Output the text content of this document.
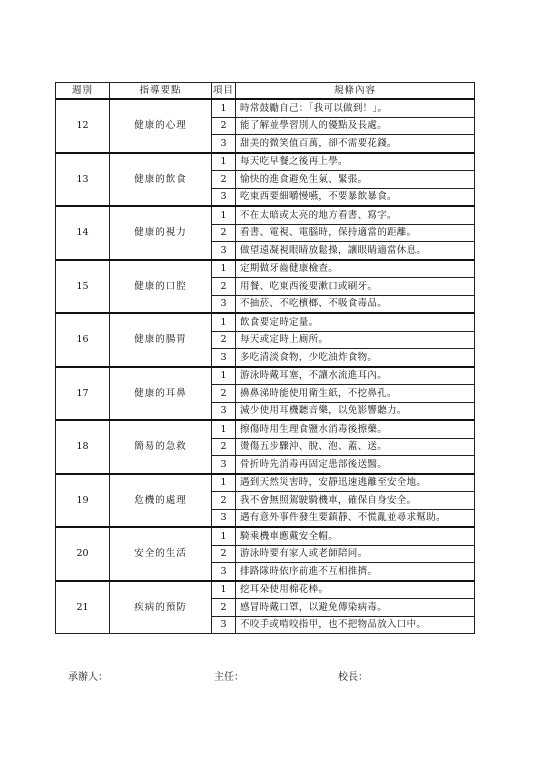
週別	指導要點	項目	規條內容
12	健康的心理	1	時常鼓勵自己：「我可以做到！」。
		2	能了解並學習別人的優點及長處。
		3	甜美的微笑值百萬，卻不需要花錢。
13	健康的飲食	1	每天吃早餐之後再上學。
		2	愉快的進食避免生氣、緊張。
		3	吃東西要細嚼慢嚥，不要暴飲暴食。
14	健康的視力	1	不在太暗或太亮的地方看書、寫字。
		2	看書、電視、電腦時，保持適當的距離。
		3	做望遠凝視眼睛放鬆操，讓眼睛適當休息。
15	健康的口腔	1	定期做牙齒健康檢查。
		2	用餐、吃東西後要漱口或刷牙。
		3	不抽菸、不吃檳榔、不吸食毒品。
16	健康的腸胃	1	飲食要定時定量。
		2	每天或定時上廁所。
		3	多吃清淡食物，少吃油炸食物。
17	健康的耳鼻	1	游泳時戴耳塞，不讓水流進耳內。
		2	擤鼻涕時能使用衛生紙，不挖鼻孔。
		3	減少使用耳機聽音樂，以免影響聽力。
18	簡易的急救	1	擦傷時用生理食鹽水消毒後擦藥。
		2	燙傷五步驟沖、脫、泡、蓋、送。
		3	骨折時先消毒再固定患部後送醫。
19	危機的處理	1	遇到天然災害時，安靜迅速逃離至安全地。
		2	我不會無照駕駛騎機車，確保自身安全。
		3	遇有意外事件發生要鎮靜、不慌亂並尋求幫助。
20	安全的生活	1	騎乘機車應戴安全帽。
		2	游泳時要有家人或老師陪同。
		3	排路隊時依序前進不互相推擠。
21	疾病的預防	1	挖耳朵使用棉花棒。
		2	感冒時戴口罩，以避免傳染病毒。
		3	不咬手或啃咬指甲，也不把物品放入口中。
承辦人：	主任：	校長：
